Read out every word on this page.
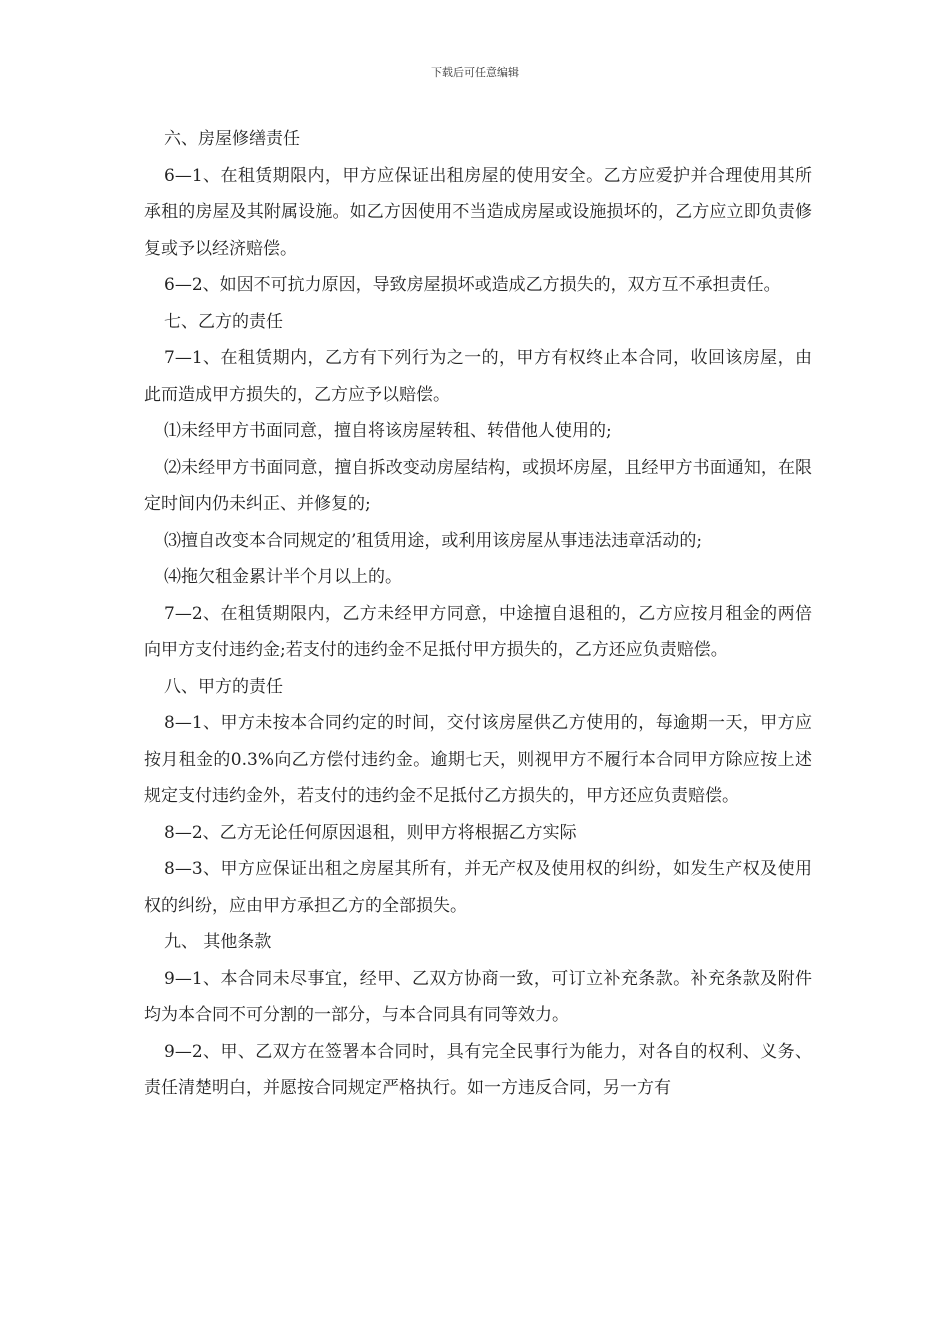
下载后可任意编辑

六、房屋修缮责任

6—1、在租赁期限内，甲方应保证出租房屋的使用安全。乙方应爱护并合理使用其所承租的房屋及其附属设施。如乙方因使用不当造成房屋或设施损坏的，乙方应立即负责修复或予以经济赔偿。

6—2、如因不可抗力原因，导致房屋损坏或造成乙方损失的，双方互不承担责任。

七、乙方的责任

7—1、在租赁期内，乙方有下列行为之一的，甲方有权终止本合同，收回该房屋，由此而造成甲方损失的，乙方应予以赔偿。

⑴未经甲方书面同意，擅自将该房屋转租、转借他人使用的;

⑵未经甲方书面同意，擅自拆改变动房屋结构，或损坏房屋，且经甲方书面通知，在限定时间内仍未纠正、并修复的;

⑶擅自改变本合同规定的’租赁用途，或利用该房屋从事违法违章活动的;

⑷拖欠租金累计半个月以上的。

7—2、在租赁期限内，乙方未经甲方同意，中途擅自退租的，乙方应按月租金的两倍向甲方支付违约金;若支付的违约金不足抵付甲方损失的，乙方还应负责赔偿。

八、甲方的责任

8—1、甲方未按本合同约定的时间，交付该房屋供乙方使用的，每逾期一天，甲方应按月租金的0.3%向乙方偿付违约金。逾期七天，则视甲方不履行本合同甲方除应按上述规定支付违约金外，若支付的违约金不足抵付乙方损失的，甲方还应负责赔偿。

8—2、乙方无论任何原因退租，则甲方将根据乙方实际

8—3、甲方应保证出租之房屋其所有，并无产权及使用权的纠纷，如发生产权及使用权的纠纷，应由甲方承担乙方的全部损失。

九、 其他条款

9—1、本合同未尽事宜，经甲、乙双方协商一致，可订立补充条款。补充条款及附件均为本合同不可分割的一部分，与本合同具有同等效力。

9—2、甲、乙双方在签署本合同时，具有完全民事行为能力，对各自的权利、义务、责任清楚明白，并愿按合同规定严格执行。如一方违反合同，另一方有
